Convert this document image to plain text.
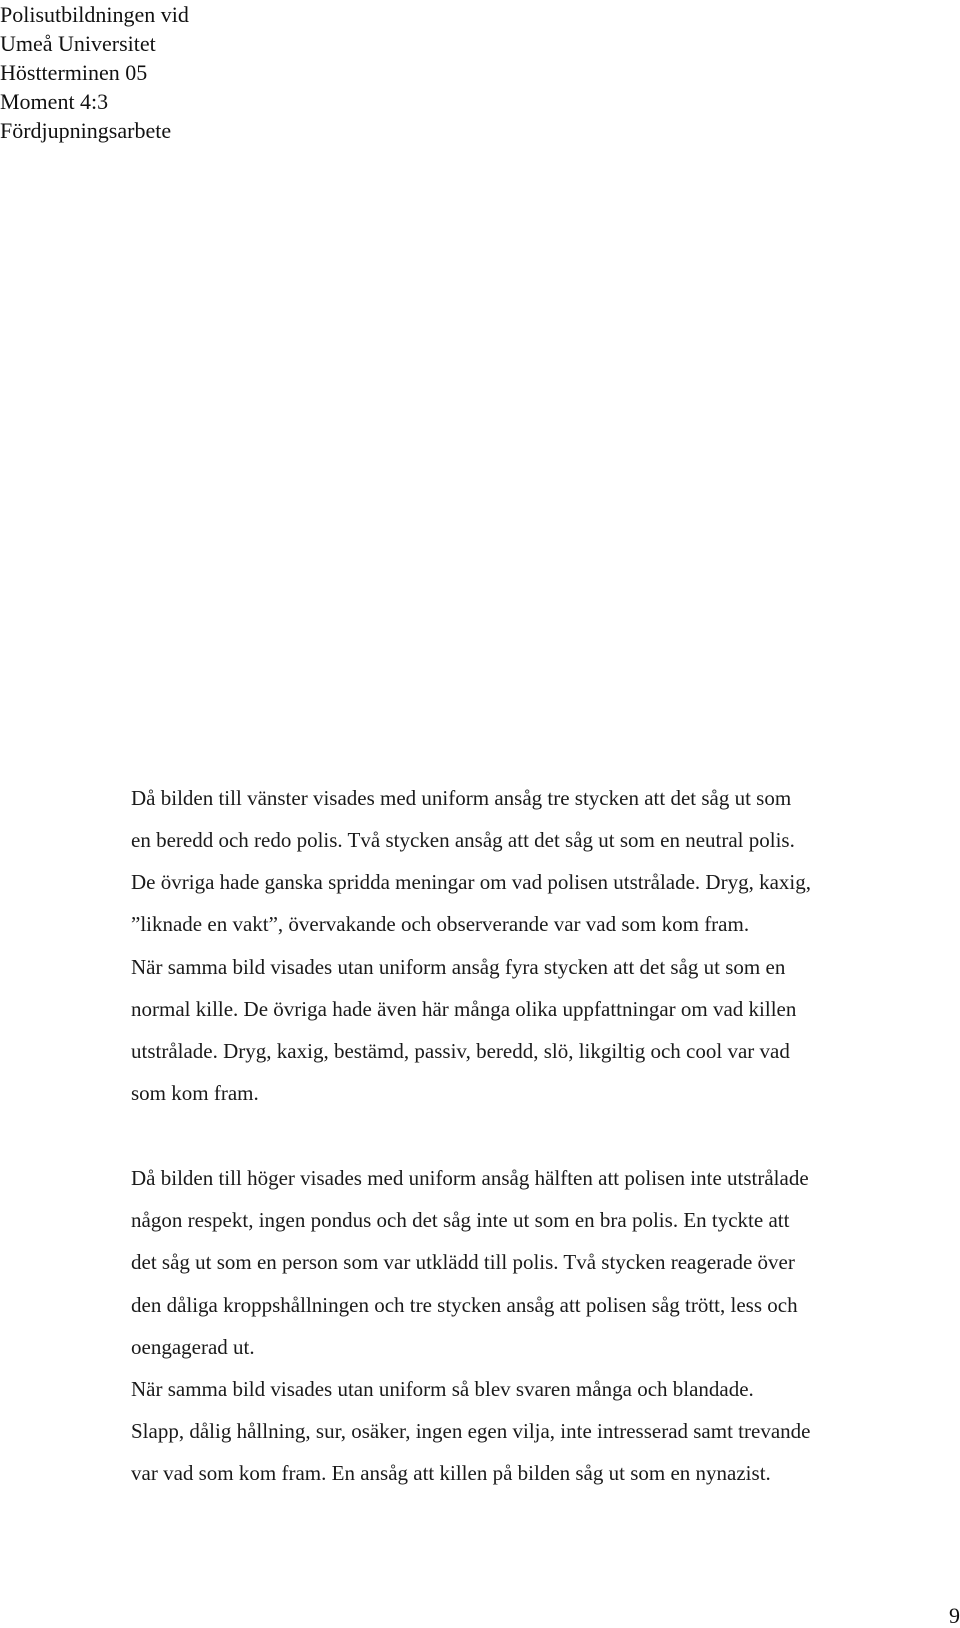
Polisutbildningen vid
Umeå Universitet
Höstterminen 05
Moment 4:3
Fördjupningsarbete
Då bilden till vänster visades med uniform ansåg tre stycken att det såg ut som
en beredd och redo polis. Två stycken ansåg att det såg ut som en neutral polis.
De övriga hade ganska spridda meningar om vad polisen utstrålade. Dryg, kaxig,
”liknade en vakt”, övervakande och observerande var vad som kom fram.
När samma bild visades utan uniform ansåg fyra stycken att det såg ut som en
normal kille. De övriga hade även här många olika uppfattningar om vad killen
utstrålade. Dryg, kaxig, bestämd, passiv, beredd, slö, likgiltig och cool var vad
som kom fram.
Då bilden till höger visades med uniform ansåg hälften att polisen inte utstrålade
någon respekt, ingen pondus och det såg inte ut som en bra polis. En tyckte att
det såg ut som en person som var utklädd till polis. Två stycken reagerade över
den dåliga kroppshållningen och tre stycken ansåg att polisen såg trött, less och
oengagerad ut.
När samma bild visades utan uniform så blev svaren många och blandade.
Slapp, dålig hållning, sur, osäker, ingen egen vilja, inte intresserad samt trevande
var vad som kom fram. En ansåg att killen på bilden såg ut som en nynazist.
9
